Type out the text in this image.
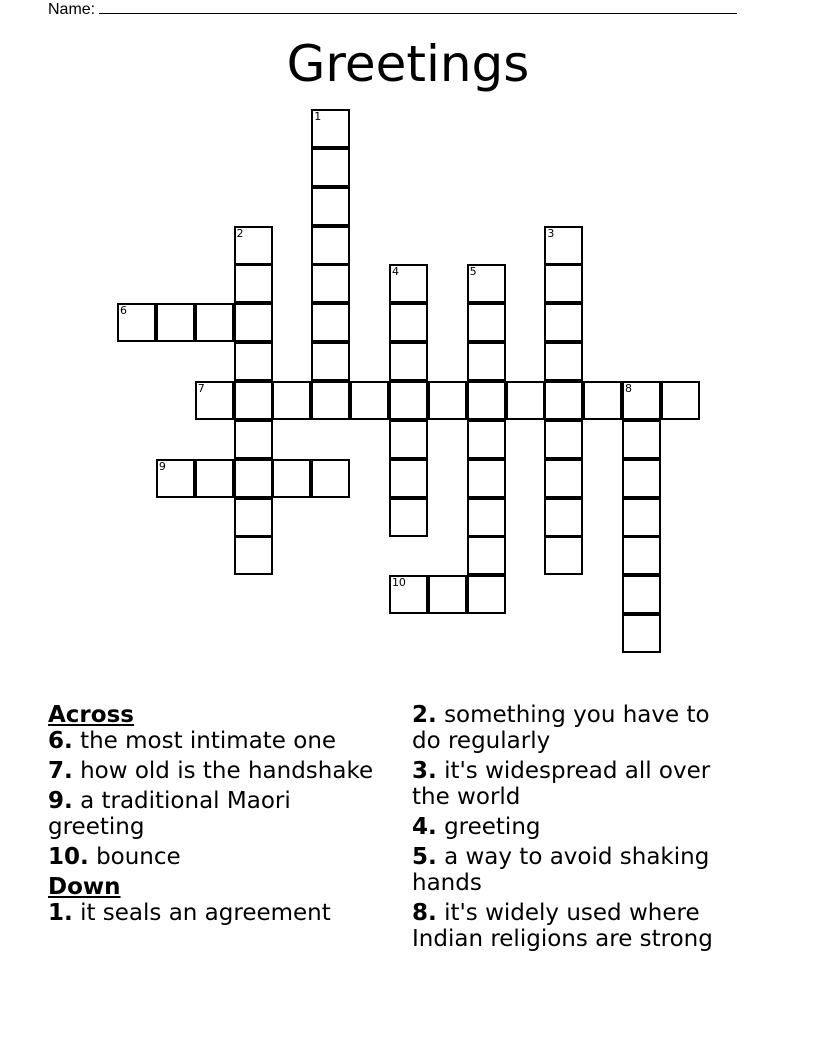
Name:
Greetings
1
2	3
4	5
6
7	8
9
10

Across

6. the most intimate one

7. how old is the handshake

9. a traditional Maori greeting

10. bounce

Down

1. it seals an agreement

2. something you have to do regularly

3. it's widespread all over the world

4. greeting

5. a way to avoid shaking hands

8. it's widely used where Indian religions are strong
